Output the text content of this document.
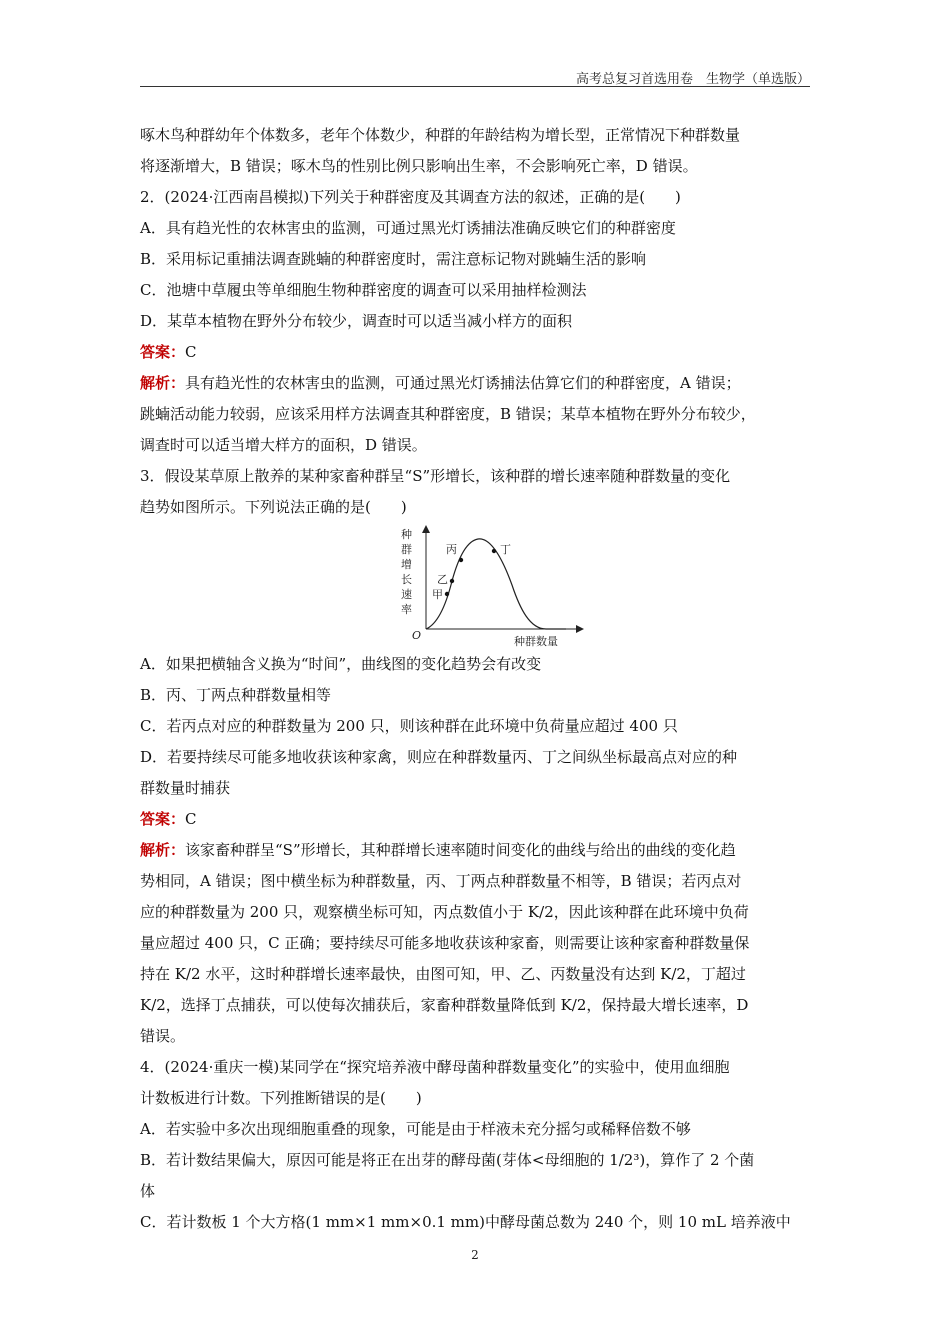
高考总复习首选用卷　生物学（单选版）

啄木鸟种群幼年个体数多，老年个体数少，种群的年龄结构为增长型，正常情况下种群数量

将逐渐增大，B 错误；啄木鸟的性别比例只影响出生率，不会影响死亡率，D 错误。

2．(2024·江西南昌模拟)下列关于种群密度及其调查方法的叙述，正确的是(　　)

A．具有趋光性的农林害虫的监测，可通过黑光灯诱捕法准确反映它们的种群密度

B．采用标记重捕法调查跳蝻的种群密度时，需注意标记物对跳蝻生活的影响

C．池塘中草履虫等单细胞生物种群密度的调查可以采用抽样检测法

D．某草本植物在野外分布较少，调查时可以适当减小样方的面积

答案：C

解析：具有趋光性的农林害虫的监测，可通过黑光灯诱捕法估算它们的种群密度，A 错误；

跳蝻活动能力较弱，应该采用样方法调查其种群密度，B 错误；某草本植物在野外分布较少，

调查时可以适当增大样方的面积，D 错误。

3．假设某草原上散养的某种家畜种群呈“S”形增长，该种群的增长速率随种群数量的变化

趋势如图所示。下列说法正确的是(　　)

种
群
增
长
速
率
O	种群数量
甲
乙
丙	丁

A．如果把横轴含义换为“时间”，曲线图的变化趋势会有改变

B．丙、丁两点种群数量相等

C．若丙点对应的种群数量为 200 只，则该种群在此环境中负荷量应超过 400 只

D．若要持续尽可能多地收获该种家禽，则应在种群数量丙、丁之间纵坐标最高点对应的种

群数量时捕获

答案：C

解析：该家畜种群呈“S”形增长，其种群增长速率随时间变化的曲线与给出的曲线的变化趋

势相同，A 错误；图中横坐标为种群数量，丙、丁两点种群数量不相等，B 错误；若丙点对

应的种群数量为 200 只，观察横坐标可知，丙点数值小于 K/2，因此该种群在此环境中负荷

量应超过 400 只，C 正确；要持续尽可能多地收获该种家畜，则需要让该种家畜种群数量保

持在 K/2 水平，这时种群增长速率最快，由图可知，甲、乙、丙数量没有达到 K/2，丁超过

K/2，选择丁点捕获，可以使每次捕获后，家畜种群数量降低到 K/2，保持最大增长速率，D

错误。

4．(2024·重庆一模)某同学在“探究培养液中酵母菌种群数量变化”的实验中，使用血细胞

计数板进行计数。下列推断错误的是(　　)

A．若实验中多次出现细胞重叠的现象，可能是由于样液未充分摇匀或稀释倍数不够

B．若计数结果偏大，原因可能是将正在出芽的酵母菌(芽体<母细胞的 1/2³)，算作了 2 个菌

体

C．若计数板 1 个大方格(1 mm×1 mm×0.1 mm)中酵母菌总数为 240 个，则 10 mL 培养液中

2
